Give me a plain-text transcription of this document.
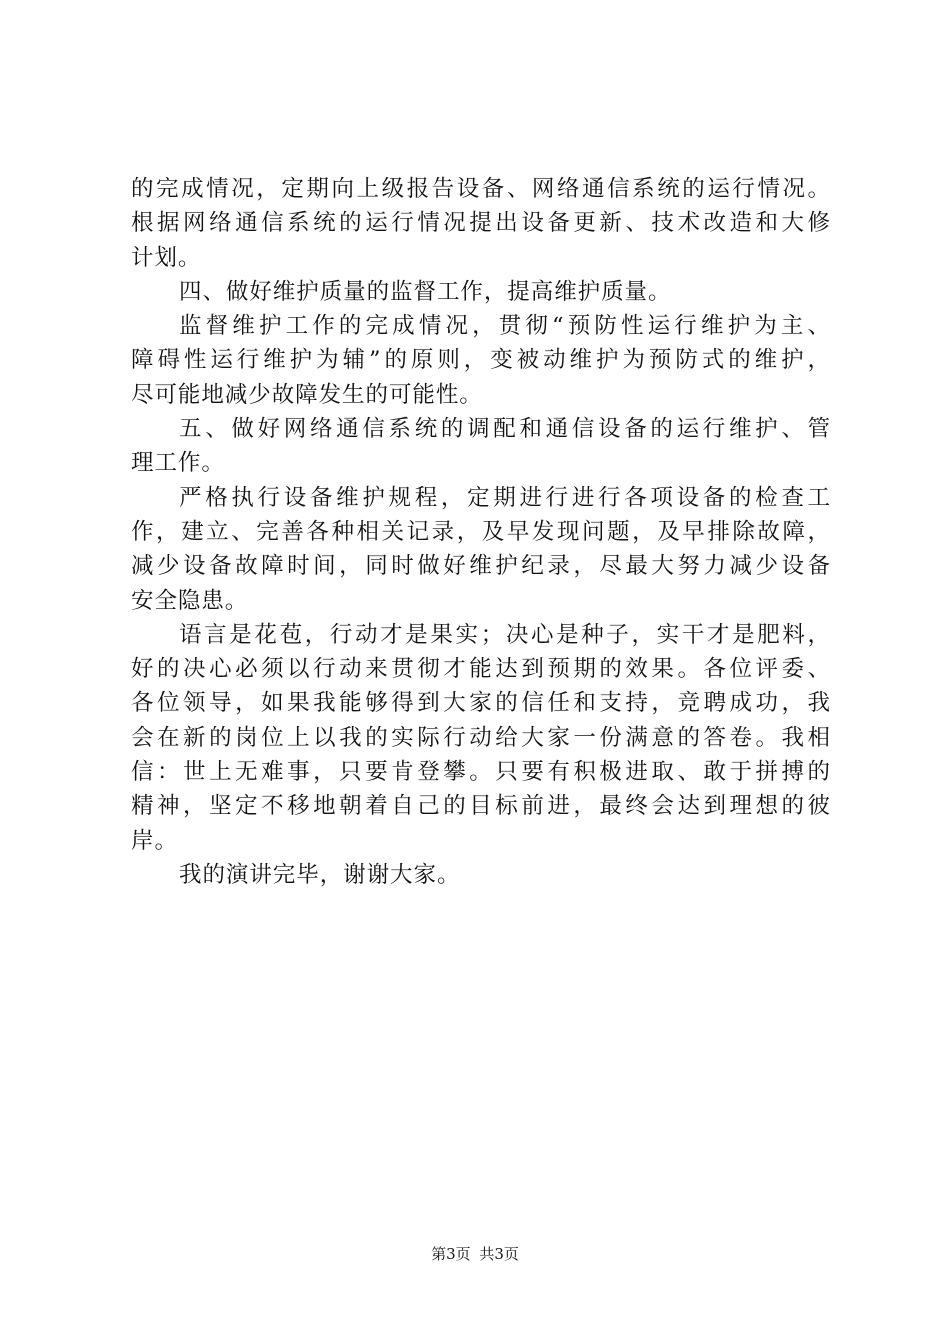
的完成情况，定期向上级报告设备、网络通信系统的运行情况。
根据网络通信系统的运行情况提出设备更新、技术改造和大修
计划。
四、做好维护质量的监督工作，提高维护质量。
监督维护工作的完成情况，贯彻“预防性运行维护为主、
障碍性运行维护为辅”的原则，变被动维护为预防式的维护，
尽可能地减少故障发生的可能性。
五、做好网络通信系统的调配和通信设备的运行维护、管
理工作。
严格执行设备维护规程，定期进行进行各项设备的检查工
作，建立、完善各种相关记录，及早发现问题，及早排除故障，
减少设备故障时间，同时做好维护纪录，尽最大努力减少设备
安全隐患。
语言是花苞，行动才是果实；决心是种子，实干才是肥料，
好的决心必须以行动来贯彻才能达到预期的效果。各位评委、
各位领导，如果我能够得到大家的信任和支持，竞聘成功，我
会在新的岗位上以我的实际行动给大家一份满意的答卷。我相
信：世上无难事，只要肯登攀。只要有积极进取、敢于拼搏的
精神，坚定不移地朝着自己的目标前进，最终会达到理想的彼
岸。
我的演讲完毕，谢谢大家。
第3页 共3页
